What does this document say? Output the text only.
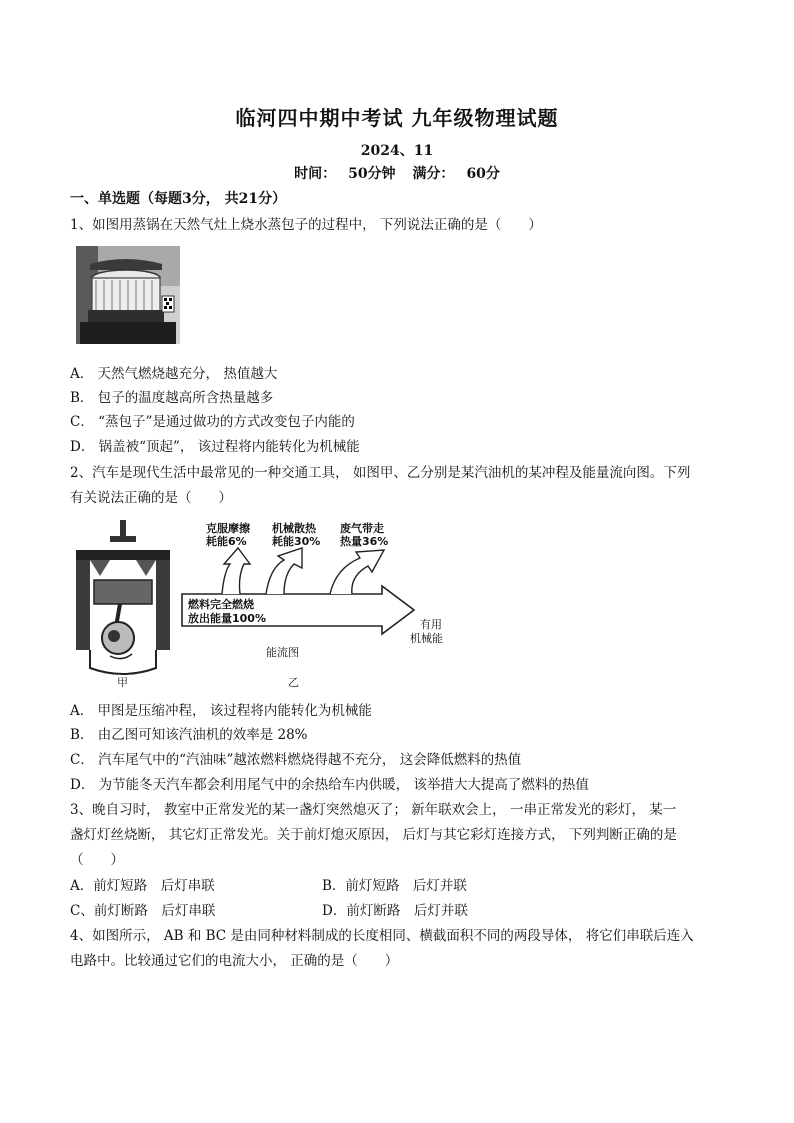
临河四中期中考试 九年级物理试题
2024、11
时间： 50分钟 满分： 60分
一、单选题（每题3分， 共21分）
1、如图用蒸锅在天然气灶上烧水蒸包子的过程中， 下列说法正确的是（　　）
A． 天然气燃烧越充分， 热值越大
B． 包子的温度越高所含热量越多
C． “蒸包子”是通过做功的方式改变包子内能的
D． 锅盖被“顶起”， 该过程将内能转化为机械能
2、汽车是现代生活中最常见的一种交通工具， 如图甲、乙分别是某汽油机的某冲程及能量流向图。下列
有关说法正确的是（　　）
甲	乙
克服摩擦
耗能6%
机械散热
耗能30%
废气带走
热量36%
燃料完全燃烧
放出能量100%	有用
机械能
能流图
A． 甲图是压缩冲程， 该过程将内能转化为机械能
B． 由乙图可知该汽油机的效率是 28%
C． 汽车尾气中的“汽油味”越浓燃料燃烧得越不充分， 这会降低燃料的热值
D． 为节能冬天汽车都会利用尾气中的余热给车内供暖， 该举措大大提高了燃料的热值
3、晚自习时， 教室中正常发光的某一盏灯突然熄灭了； 新年联欢会上， 一串正常发光的彩灯， 某一
盏灯灯丝烧断， 其它灯正常发光。关于前灯熄灭原因， 后灯与其它彩灯连接方式， 下列判断正确的是
（　　）
A．前灯短路　后灯串联	B．前灯短路　后灯并联
C、前灯断路　后灯串联	D．前灯断路　后灯并联
4、如图所示， AB 和 BC 是由同种材料制成的长度相同、横截面积不同的两段导体， 将它们串联后连入
电路中。比较通过它们的电流大小， 正确的是（　　）
